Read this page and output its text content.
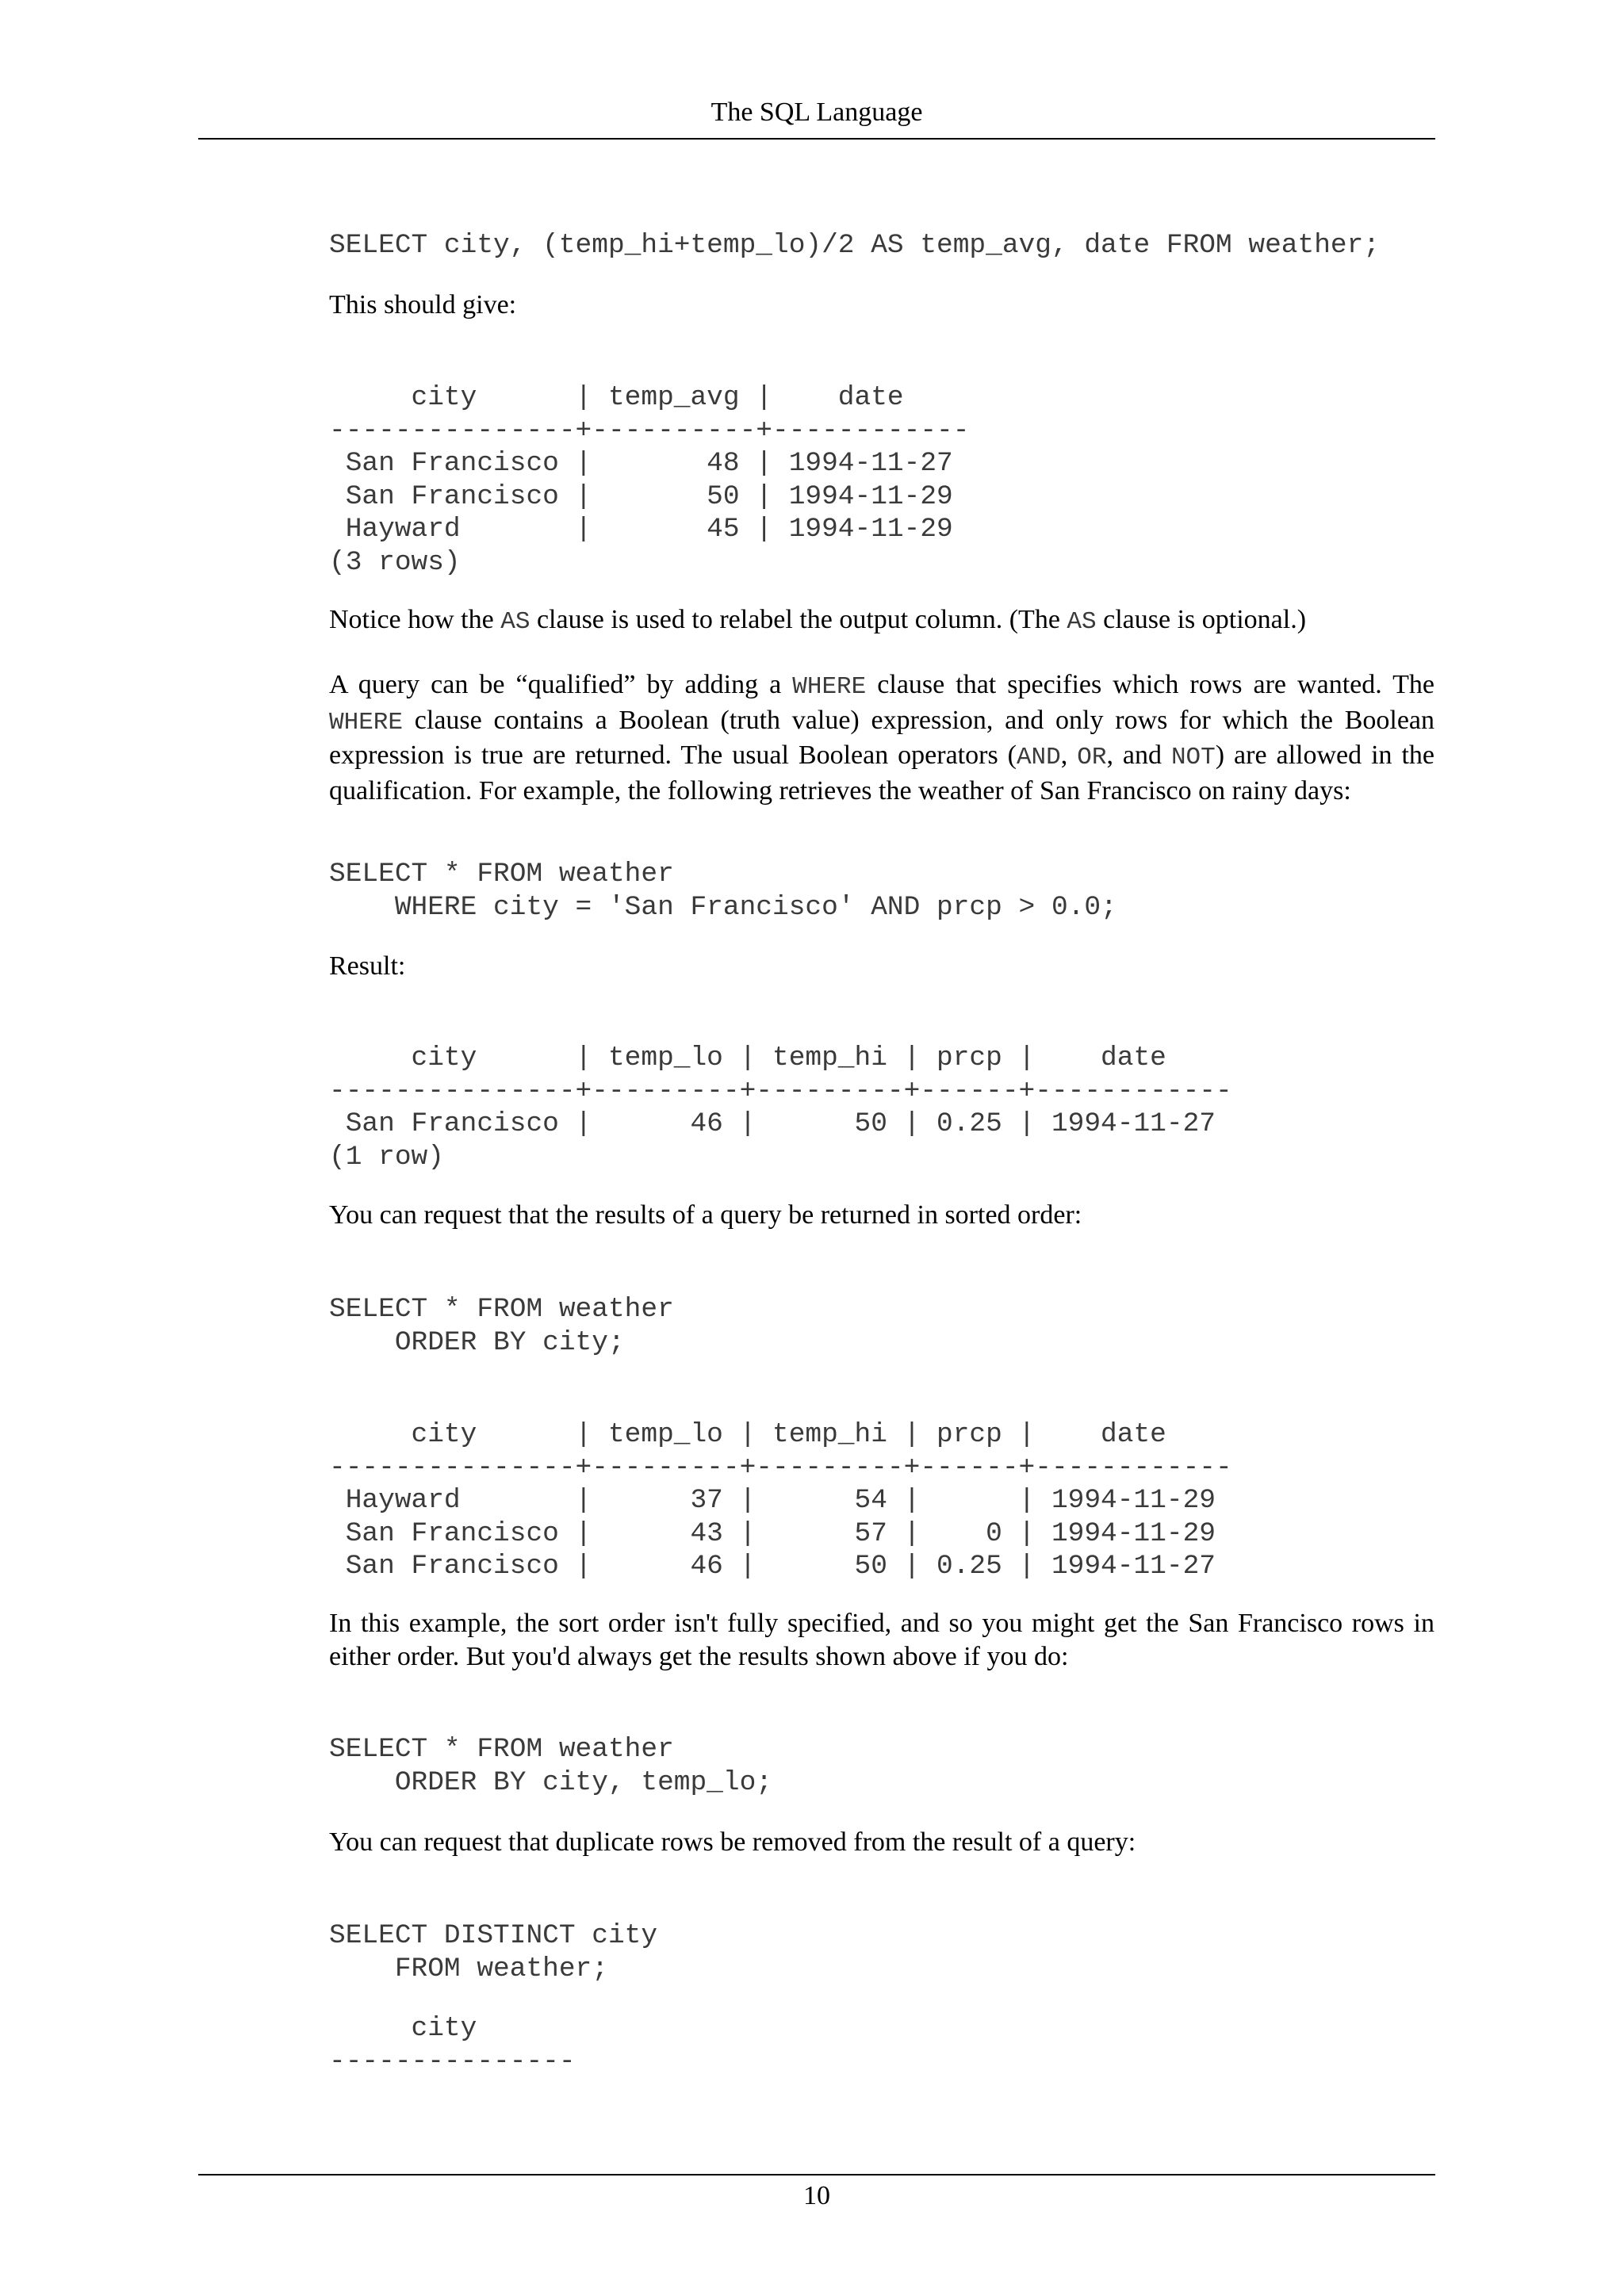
The SQL Language
SELECT city, (temp_hi+temp_lo)/2 AS temp_avg, date FROM weather;

This should give:

city      | temp_avg |    date
---------------+----------+------------
San Francisco |       48 | 1994-11-27
San Francisco |       50 | 1994-11-29
Hayward       |       45 | 1994-11-29
(3 rows)

Notice how the AS clause is used to relabel the output column. (The AS clause is optional.)

A query can be “qualified” by adding a WHERE clause that specifies which rows are wanted. The WHERE clause contains a Boolean (truth value) expression, and only rows for which the Boolean expression is true are returned. The usual Boolean operators (AND, OR, and NOT) are allowed in the qualification. For example, the following retrieves the weather of San Francisco on rainy days:

SELECT * FROM weather
WHERE city = 'San Francisco' AND prcp > 0.0;

Result:

city      | temp_lo | temp_hi | prcp |    date
---------------+---------+---------+------+------------
San Francisco |      46 |      50 | 0.25 | 1994-11-27
(1 row)

You can request that the results of a query be returned in sorted order:

SELECT * FROM weather
ORDER BY city;
city      | temp_lo | temp_hi | prcp |    date
---------------+---------+---------+------+------------
Hayward       |      37 |      54 |      | 1994-11-29
San Francisco |      43 |      57 |    0 | 1994-11-29
San Francisco |      46 |      50 | 0.25 | 1994-11-27

In this example, the sort order isn't fully specified, and so you might get the San Francisco rows in either order. But you'd always get the results shown above if you do:

SELECT * FROM weather
ORDER BY city, temp_lo;

You can request that duplicate rows be removed from the result of a query:

SELECT DISTINCT city
FROM weather;
city
---------------
10
